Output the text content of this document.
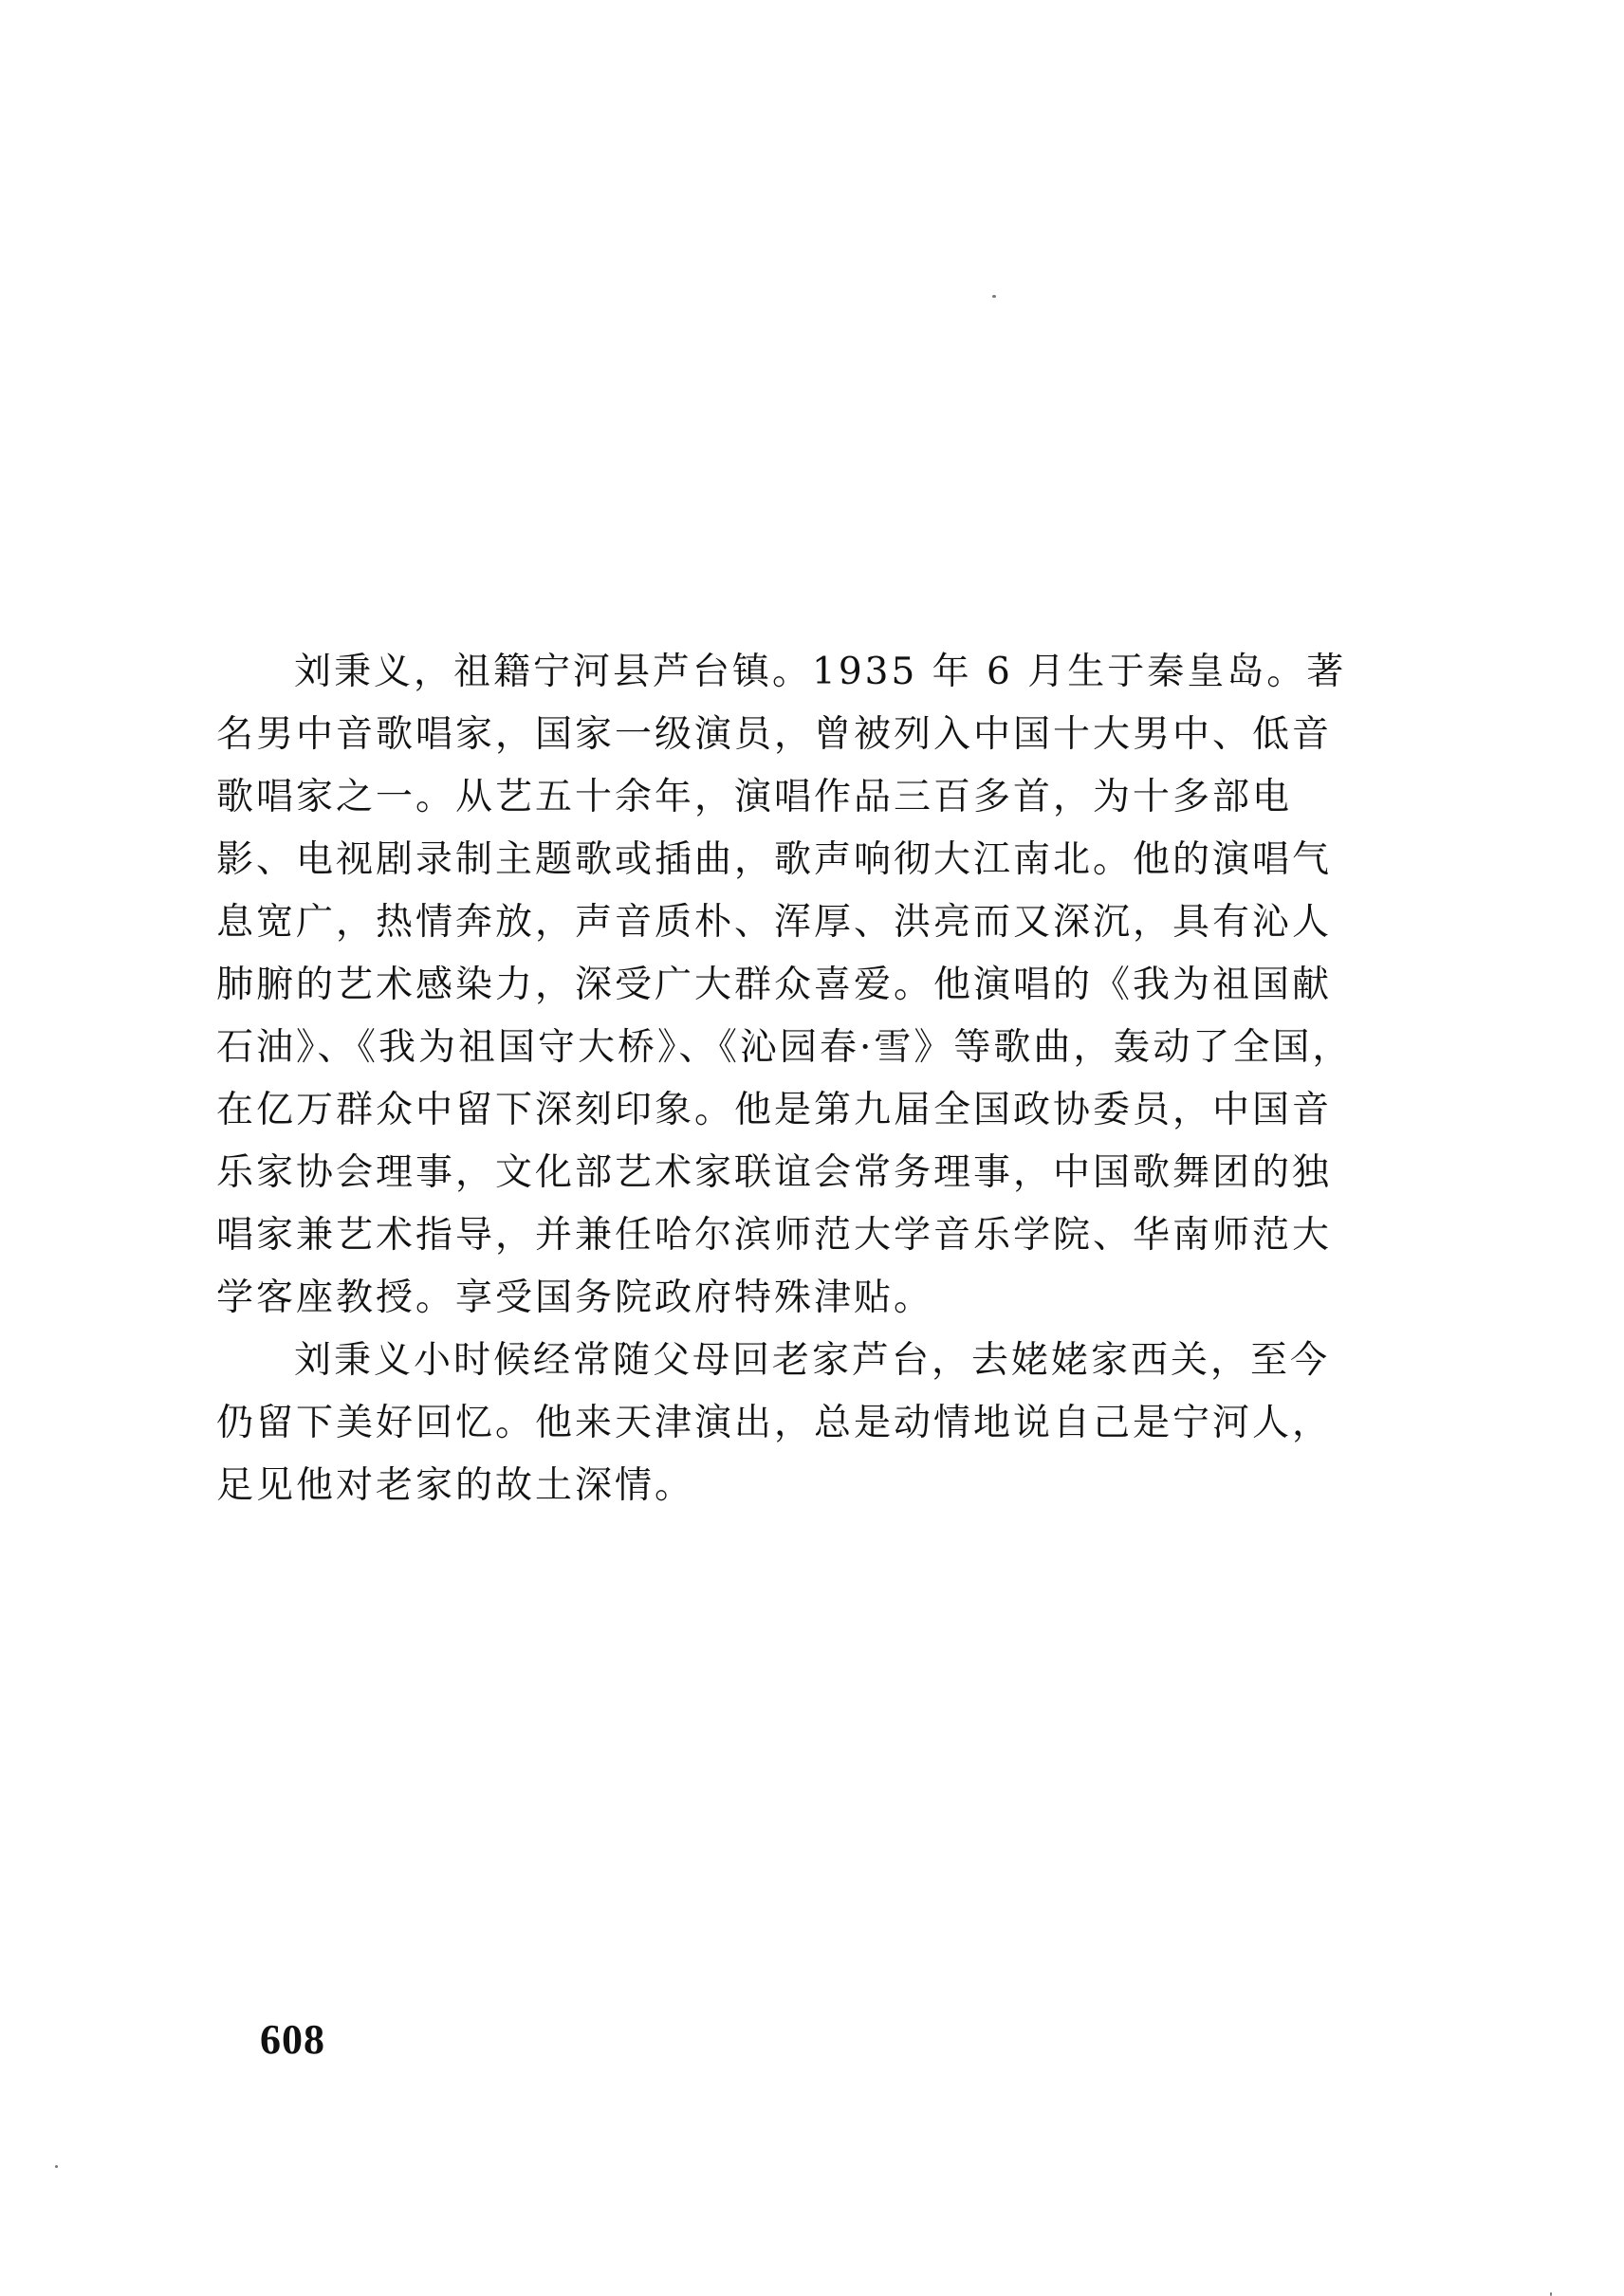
刘秉义，祖籍宁河县芦台镇。1935 年 6 月生于秦皇岛。著
名男中音歌唱家，国家一级演员，曾被列入中国十大男中、低音
歌唱家之一。从艺五十余年，演唱作品三百多首，为十多部电
影、电视剧录制主题歌或插曲，歌声响彻大江南北。他的演唱气
息宽广，热情奔放，声音质朴、浑厚、洪亮而又深沉，具有沁人
肺腑的艺术感染力，深受广大群众喜爱。他演唱的《我为祖国献
石油》、《我为祖国守大桥》、《沁园春·雪》等歌曲，轰动了全国，
在亿万群众中留下深刻印象。他是第九届全国政协委员，中国音
乐家协会理事，文化部艺术家联谊会常务理事，中国歌舞团的独
唱家兼艺术指导，并兼任哈尔滨师范大学音乐学院、华南师范大
学客座教授。享受国务院政府特殊津贴。

刘秉义小时候经常随父母回老家芦台，去姥姥家西关，至今
仍留下美好回忆。他来天津演出，总是动情地说自己是宁河人，
足见他对老家的故土深情。

608
